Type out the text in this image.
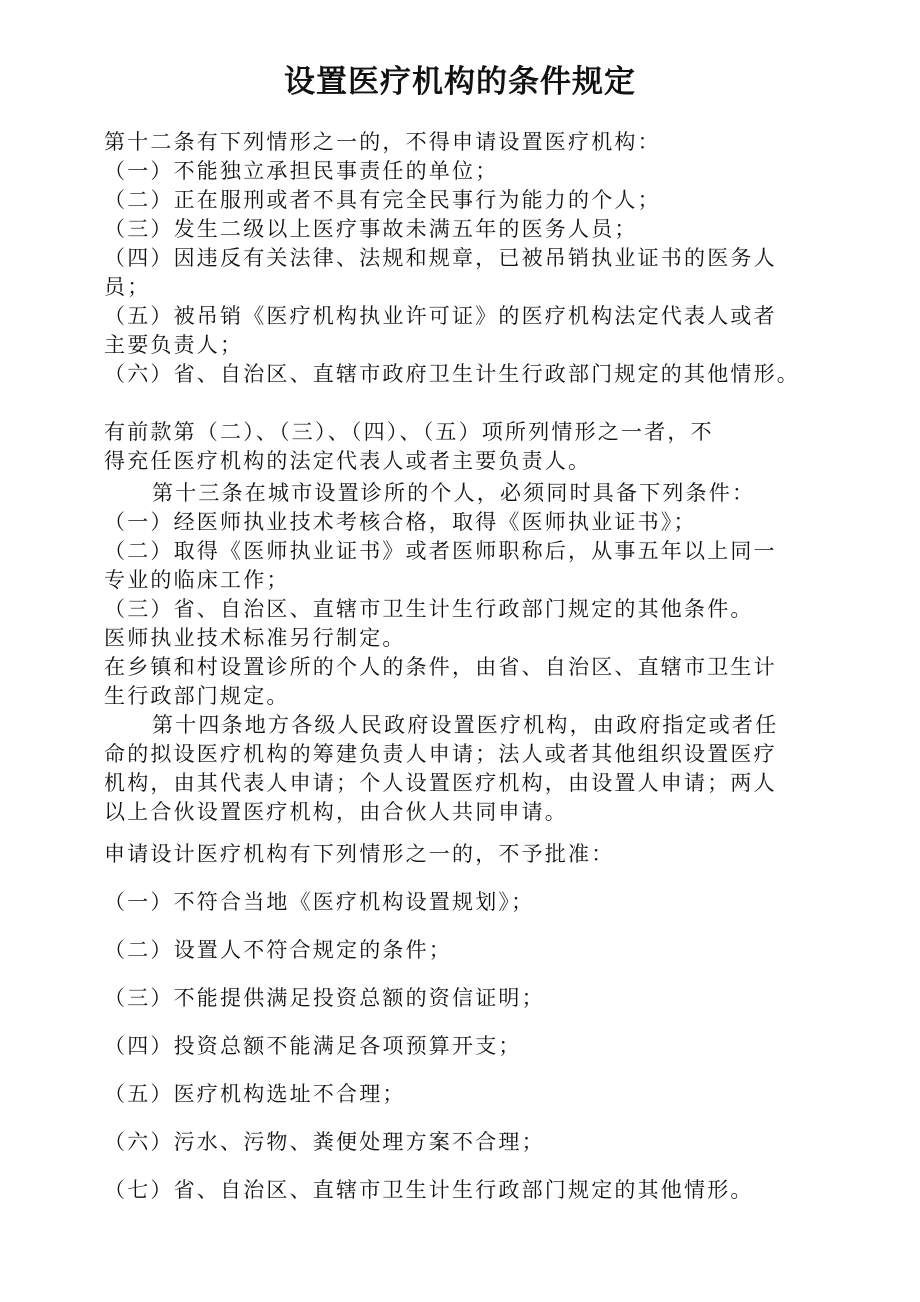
设置医疗机构的条件规定
第十二条有下列情形之一的，不得申请设置医疗机构：
（一）不能独立承担民事责任的单位；
（二）正在服刑或者不具有完全民事行为能力的个人；
（三）发生二级以上医疗事故未满五年的医务人员；
（四）因违反有关法律、法规和规章，已被吊销执业证书的医务人
员；
（五）被吊销《医疗机构执业许可证》的医疗机构法定代表人或者
主要负责人；
（六）省、自治区、直辖市政府卫生计生行政部门规定的其他情形。
有前款第（二）、（三）、（四）、（五）项所列情形之一者，不
得充任医疗机构的法定代表人或者主要负责人。
第十三条在城市设置诊所的个人，必须同时具备下列条件：
（一）经医师执业技术考核合格，取得《医师执业证书》；
（二）取得《医师执业证书》或者医师职称后，从事五年以上同一
专业的临床工作；
（三）省、自治区、直辖市卫生计生行政部门规定的其他条件。
医师执业技术标准另行制定。
在乡镇和村设置诊所的个人的条件，由省、自治区、直辖市卫生计
生行政部门规定。
第十四条地方各级人民政府设置医疗机构，由政府指定或者任
命的拟设医疗机构的筹建负责人申请；法人或者其他组织设置医疗
机构，由其代表人申请；个人设置医疗机构，由设置人申请；两人
以上合伙设置医疗机构，由合伙人共同申请。
申请设计医疗机构有下列情形之一的，不予批准：
（一）不符合当地《医疗机构设置规划》；
（二）设置人不符合规定的条件；
（三）不能提供满足投资总额的资信证明；
（四）投资总额不能满足各项预算开支；
（五）医疗机构选址不合理；
（六）污水、污物、粪便处理方案不合理；
（七）省、自治区、直辖市卫生计生行政部门规定的其他情形。
